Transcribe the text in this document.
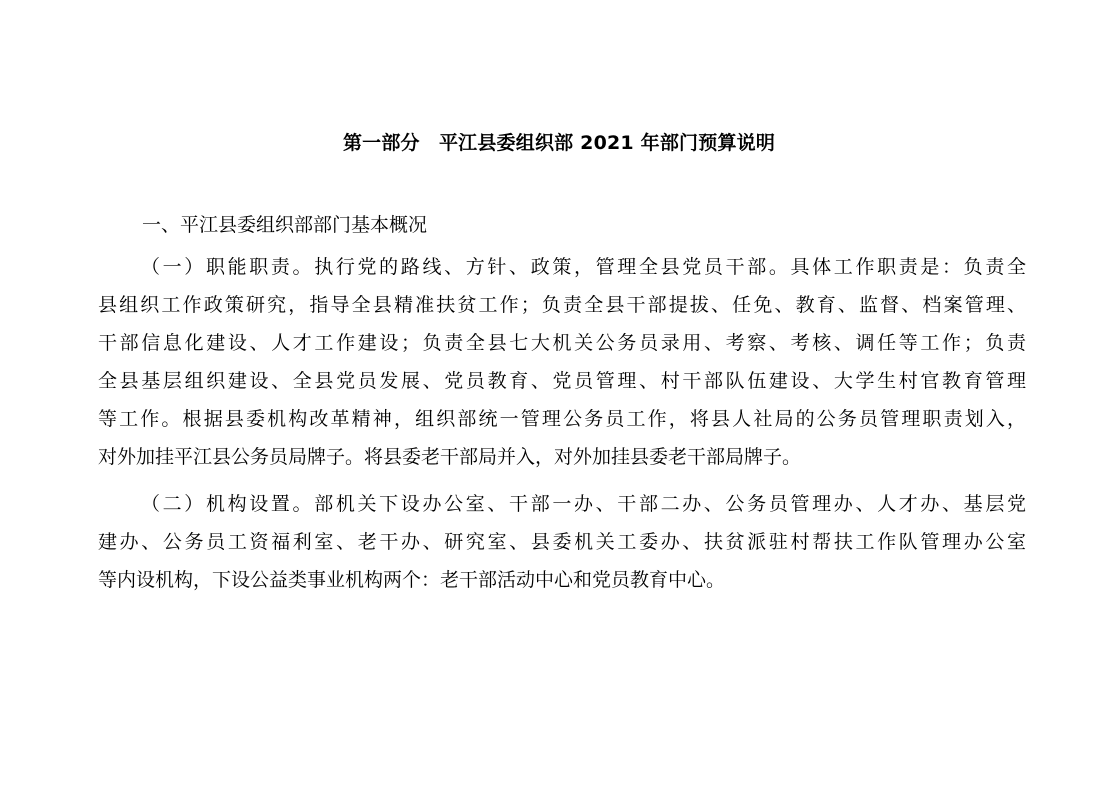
第一部分　平江县委组织部 2021 年部门预算说明
一、平江县委组织部部门基本概况
（一）职能职责。执行党的路线、方针、政策，管理全县党员干部。具体工作职责是：负责全
县组织工作政策研究，指导全县精准扶贫工作；负责全县干部提拔、任免、教育、监督、档案管理、
干部信息化建设、人才工作建设；负责全县七大机关公务员录用、考察、考核、调任等工作；负责
全县基层组织建设、全县党员发展、党员教育、党员管理、村干部队伍建设、大学生村官教育管理
等工作。根据县委机构改革精神，组织部统一管理公务员工作，将县人社局的公务员管理职责划入，
对外加挂平江县公务员局牌子。将县委老干部局并入，对外加挂县委老干部局牌子。
（二）机构设置。部机关下设办公室、干部一办、干部二办、公务员管理办、人才办、基层党
建办、公务员工资福利室、老干办、研究室、县委机关工委办、扶贫派驻村帮扶工作队管理办公室
等内设机构，下设公益类事业机构两个：老干部活动中心和党员教育中心。
